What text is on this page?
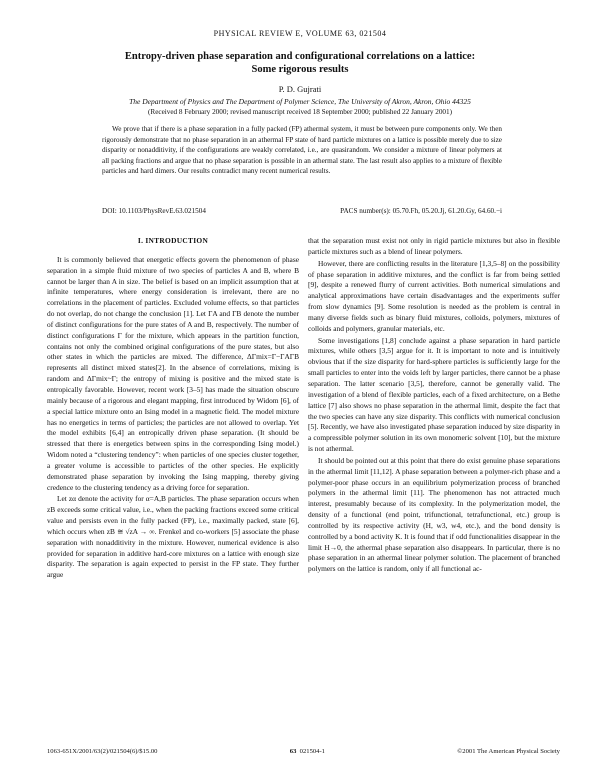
PHYSICAL REVIEW E, VOLUME 63, 021504
Entropy-driven phase separation and configurational correlations on a lattice:
Some rigorous results
P. D. Gujrati
The Department of Physics and The Department of Polymer Science, The University of Akron, Akron, Ohio 44325
(Received 8 February 2000; revised manuscript received 18 September 2000; published 22 January 2001)

We prove that if there is a phase separation in a fully packed (FP) athermal system, it must be between pure components only. We then rigorously demonstrate that no phase separation in an athermal FP state of hard particle mixtures on a lattice is possible merely due to size disparity or nonadditivity, if the configurations are weakly correlated, i.e., are quasirandom. We consider a mixture of linear polymers at all packing fractions and argue that no phase separation is possible in an athermal state. The last result also applies to a mixture of flexible particles and hard dimers. Our results contradict many recent numerical results.

DOI: 10.1103/PhysRevE.63.021504	PACS number(s): 05.70.Fh, 05.20.Jj, 61.20.Gy, 64.60.−i
I. INTRODUCTION

It is commonly believed that energetic effects govern the phenomenon of phase separation in a simple fluid mixture of two species of particles A and B, where B cannot be larger than A in size. The belief is based on an implicit assumption that at infinite temperatures, where energy consideration is irrelevant, there are no correlations in the placement of particles. Excluded volume effects, so that particles do not overlap, do not change the conclusion [1]. Let ΓA and ΓB denote the number of distinct configurations for the pure states of A and B, respectively. The number of distinct configurations Γ for the mixture, which appears in the partition function, contains not only the combined original configurations of the pure states, but also other states in which the particles are mixed. The difference, ΔΓmix=Γ−ΓAΓB represents all distinct mixed states[2]. In the absence of correlations, mixing is random and ΔΓmix~Γ; the entropy of mixing is positive and the mixed state is entropically favorable. However, recent work [3–5] has made the situation obscure mainly because of a rigorous and elegant mapping, first introduced by Widom [6], of a special lattice mixture onto an Ising model in a magnetic field. The model mixture has no energetics in terms of particles; the particles are not allowed to overlap. Yet the model exhibits [6,4] an entropically driven phase separation. (It should be stressed that there is energetics between spins in the corresponding Ising model.) Widom noted a “clustering tendency”: when particles of one species cluster together, a greater volume is accessible to particles of the other species. He explicitly demonstrated phase separation by invoking the Ising mapping, thereby giving credence to the clustering tendency as a driving force for separation.

Let zα denote the activity for α=A,B particles. The phase separation occurs when zB exceeds some critical value, i.e., when the packing fractions exceed some critical value and persists even in the fully packed (FP), i.e., maximally packed, state [6], which occurs when zB ≅ √zA → ∞. Frenkel and co-workers [5] associate the phase separation with nonadditivity in the mixture. However, numerical evidence is also provided for separation in additive hard-core mixtures on a lattice with enough size disparity. The separation is again expected to persist in the FP state. They further argue

that the separation must exist not only in rigid particle mixtures but also in flexible particle mixtures such as a blend of linear polymers.

However, there are conflicting results in the literature [1,3,5–8] on the possibility of phase separation in additive mixtures, and the conflict is far from being settled [9], despite a renewed flurry of current activities. Both numerical simulations and analytical approximations have certain disadvantages and the experiments suffer from slow dynamics [9]. Some resolution is needed as the problem is central in many diverse fields such as binary fluid mixtures, colloids, polymers, mixtures of colloids and polymers, granular materials, etc.

Some investigations [1,8] conclude against a phase separation in hard particle mixtures, while others [3,5] argue for it. It is important to note and is intuitively obvious that if the size disparity for hard-sphere particles is sufficiently large for the small particles to enter into the voids left by larger particles, there cannot be a phase separation. The latter scenario [3,5], therefore, cannot be generally valid. The investigation of a blend of flexible particles, each of a fixed architecture, on a Bethe lattice [7] also shows no phase separation in the athermal limit, despite the fact that the two species can have any size disparity. This conflicts with numerical conclusion [5]. Recently, we have also investigated phase separation induced by size disparity in a compressible polymer solution in its own monomeric solvent [10], but the mixture is not athermal.

It should be pointed out at this point that there do exist genuine phase separations in the athermal limit [11,12]. A phase separation between a polymer-rich phase and a polymer-poor phase occurs in an equilibrium polymerization process of branched polymers in the athermal limit [11]. The phenomenon has not attracted much interest, presumably because of its complexity. In the polymerization model, the density of a functional (end point, trifunctional, tetrafunctional, etc.) group is controlled by its respective activity (H, w3, w4, etc.), and the bond density is controlled by a bond activity K. It is found that if odd functionalities disappear in the limit H→0, the athermal phase separation also disappears. In particular, there is no phase separation in an athermal linear polymer solution. The placement of branched polymers on the lattice is random, only if all functional ac-

1063-651X/2001/63(2)/021504(6)/$15.00	63 021504-1	©2001 The American Physical Society
